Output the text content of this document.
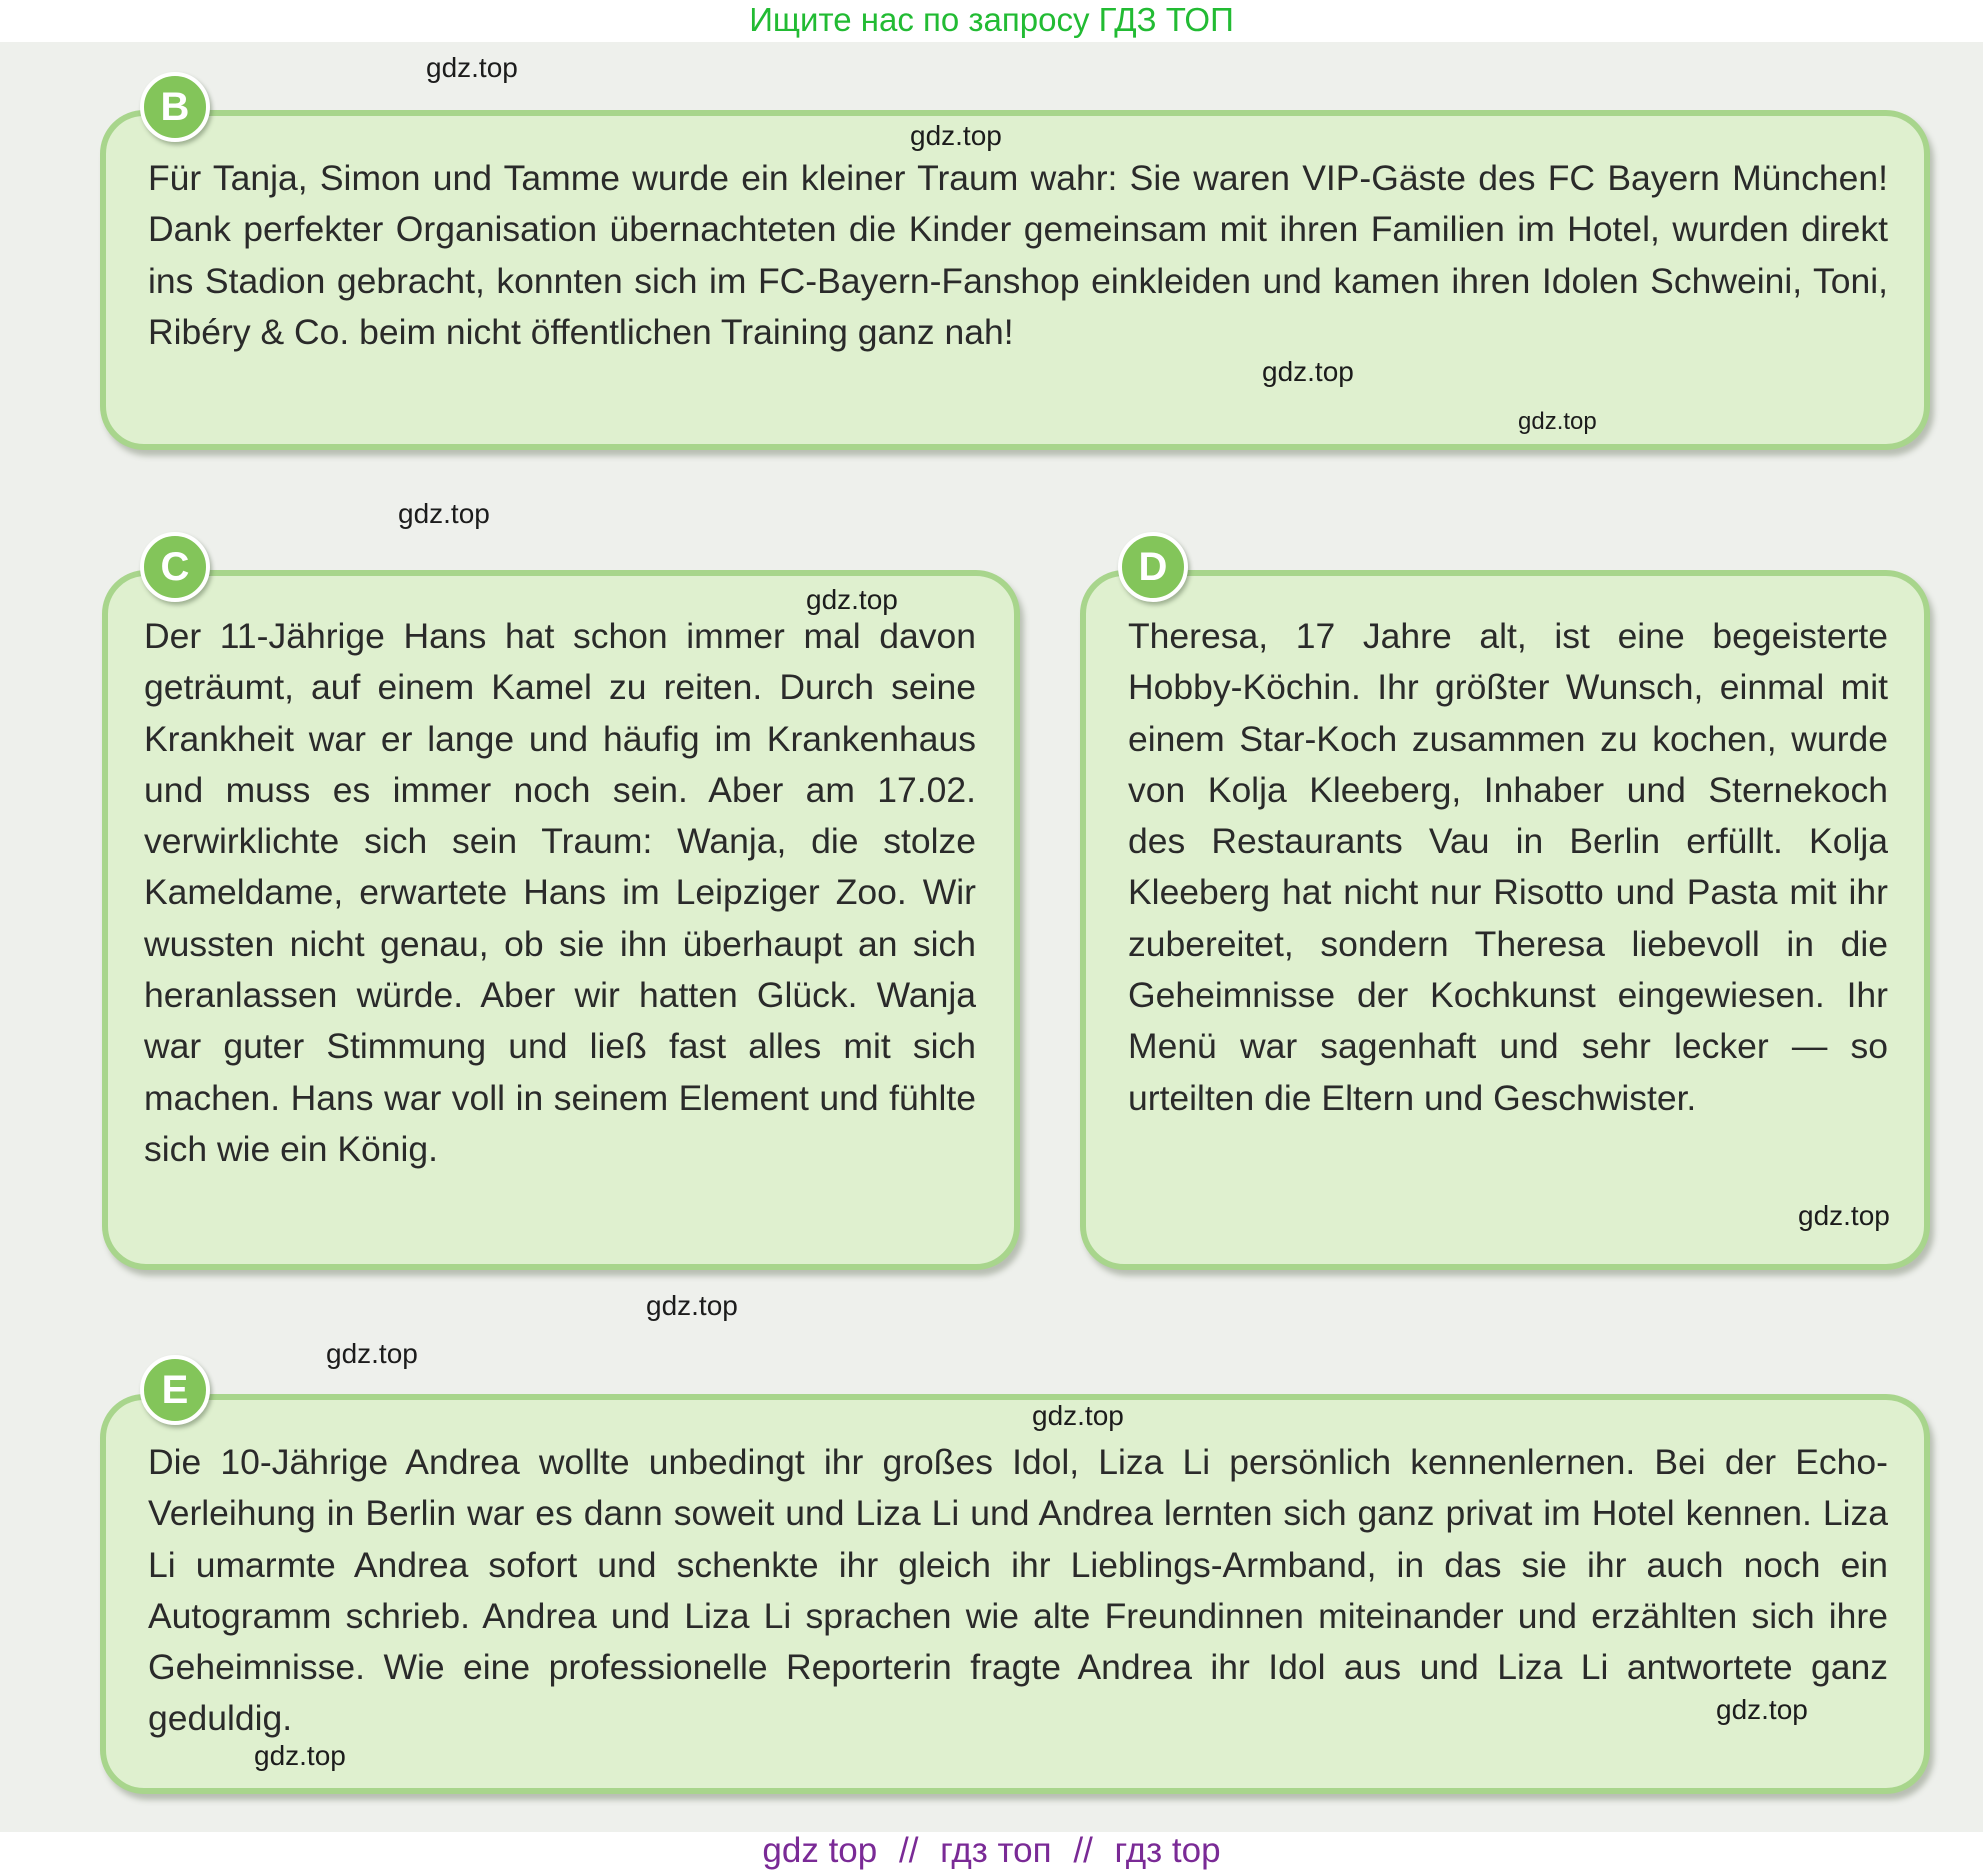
Ищите нас по запросу ГДЗ ТОП
B

Für Tanja, Simon und Tamme wurde ein kleiner Traum wahr: Sie waren VIP-Gäste des FC Bayern München! Dank perfekter Organisation übernachteten die Kinder gemeinsam mit ihren Familien im Hotel, wurden direkt ins Stadion gebracht, konnten sich im FC-Bayern-Fanshop einkleiden und kamen ihren Idolen Schweini, Toni, Ribéry & Co. beim nicht öffentlichen Training ganz nah!

C

Der 11-Jährige Hans hat schon immer mal davon geträumt, auf einem Kamel zu reiten. Durch seine Krankheit war er lange und häufig im Krankenhaus und muss es immer noch sein. Aber am 17.02. verwirklichte sich sein Traum: Wanja, die stolze Kameldame, erwartete Hans im Leipziger Zoo. Wir wussten nicht genau, ob sie ihn überhaupt an sich heranlassen würde. Aber wir hatten Glück. Wanja war guter Stimmung und ließ fast alles mit sich machen. Hans war voll in seinem Element und fühlte sich wie ein König.

D

Theresa, 17 Jahre alt, ist eine begeisterte Hobby-Köchin. Ihr größter Wunsch, einmal mit einem Star-Koch zusammen zu kochen, wurde von Kolja Kleeberg, Inhaber und Sternekoch des Restaurants Vau in Berlin erfüllt. Kolja Kleeberg hat nicht nur Risotto und Pasta mit ihr zubereitet, sondern Theresa liebevoll in die Geheimnisse der Kochkunst eingewiesen. Ihr Menü war sagenhaft und sehr lecker — so urteilten die Eltern und Geschwister.

E

Die 10-Jährige Andrea wollte unbedingt ihr großes Idol, Liza Li persönlich kennenlernen. Bei der Echo-Verleihung in Berlin war es dann soweit und Liza Li und Andrea lernten sich ganz privat im Hotel kennen. Liza Li umarmte Andrea sofort und schenkte ihr gleich ihr Lieblings-Armband, in das sie ihr auch noch ein Autogramm schrieb. Andrea und Liza Li sprachen wie alte Freundinnen miteinander und erzählten sich ihre Geheimnisse. Wie eine professionelle Reporterin fragte Andrea ihr Idol aus und Liza Li antwortete ganz geduldig.

gdz.top
gdz.top
gdz.top
gdz.top
gdz.top
gdz.top
gdz.top
gdz.top
gdz.top
gdz.top
gdz.top
gdz.top
gdz top // гдз топ // гдз top
